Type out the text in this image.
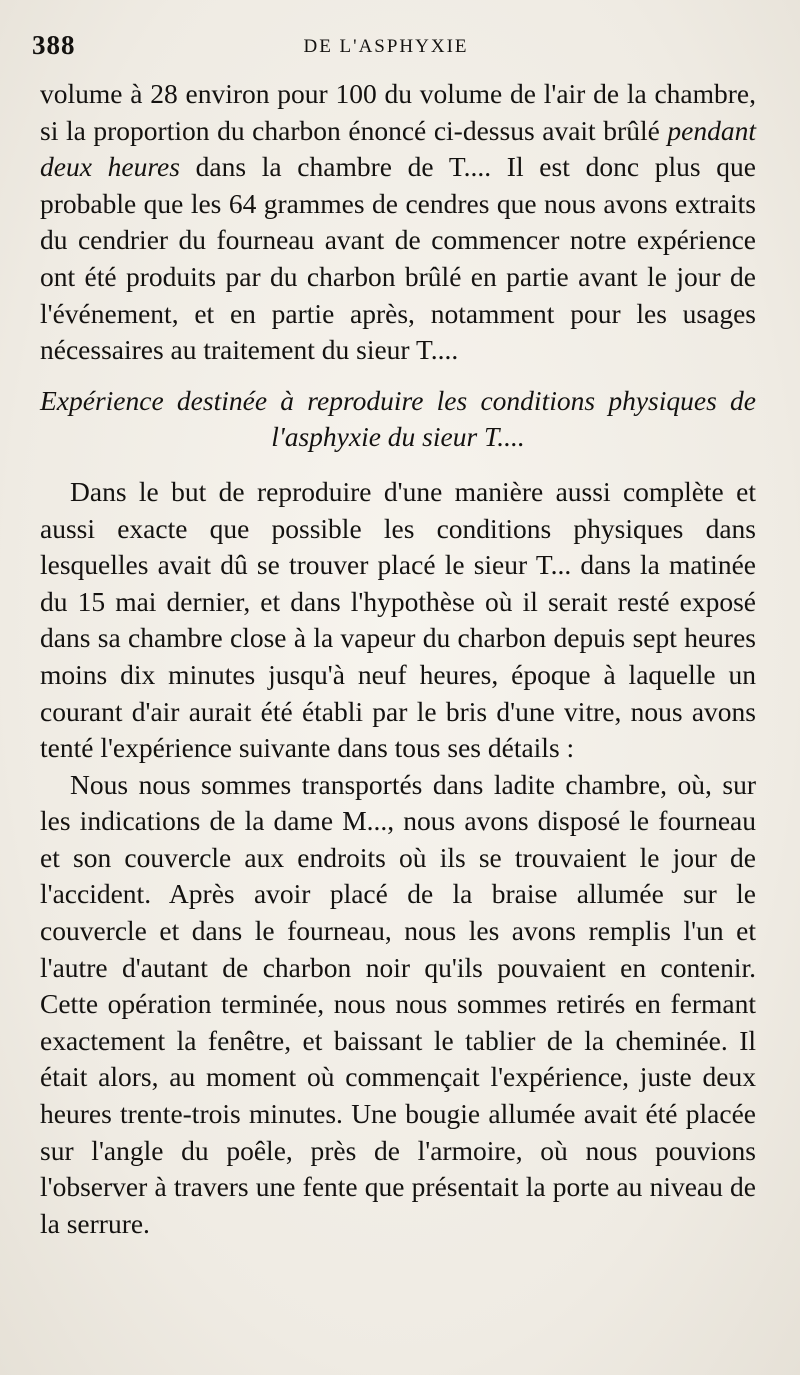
388	DE L'ASPHYXIE

volume à 28 environ pour 100 du volume de l'air de la chambre, si la proportion du charbon énoncé ci-dessus avait brûlé pendant deux heures dans la chambre de T.... Il est donc plus que probable que les 64 grammes de cendres que nous avons extraits du cendrier du fourneau avant de commencer notre expérience ont été produits par du charbon brûlé en partie avant le jour de l'événement, et en partie après, notamment pour les usages nécessaires au traitement du sieur T....

Expérience destinée à reproduire les conditions physiques de
l'asphyxie du sieur T....

Dans le but de reproduire d'une manière aussi complète et aussi exacte que possible les conditions physiques dans lesquelles avait dû se trouver placé le sieur T... dans la matinée du 15 mai dernier, et dans l'hypothèse où il serait resté exposé dans sa chambre close à la vapeur du charbon depuis sept heures moins dix minutes jusqu'à neuf heures, époque à laquelle un courant d'air aurait été établi par le bris d'une vitre, nous avons tenté l'expérience suivante dans tous ses détails :

Nous nous sommes transportés dans ladite chambre, où, sur les indications de la dame M..., nous avons disposé le fourneau et son couvercle aux endroits où ils se trouvaient le jour de l'accident. Après avoir placé de la braise allumée sur le couvercle et dans le fourneau, nous les avons remplis l'un et l'autre d'autant de charbon noir qu'ils pouvaient en contenir. Cette opération terminée, nous nous sommes retirés en fermant exactement la fenêtre, et baissant le tablier de la cheminée. Il était alors, au moment où commençait l'expérience, juste deux heures trente-trois minutes. Une bougie allumée avait été placée sur l'angle du poêle, près de l'armoire, où nous pouvions l'observer à travers une fente que présentait la porte au niveau de la serrure.
